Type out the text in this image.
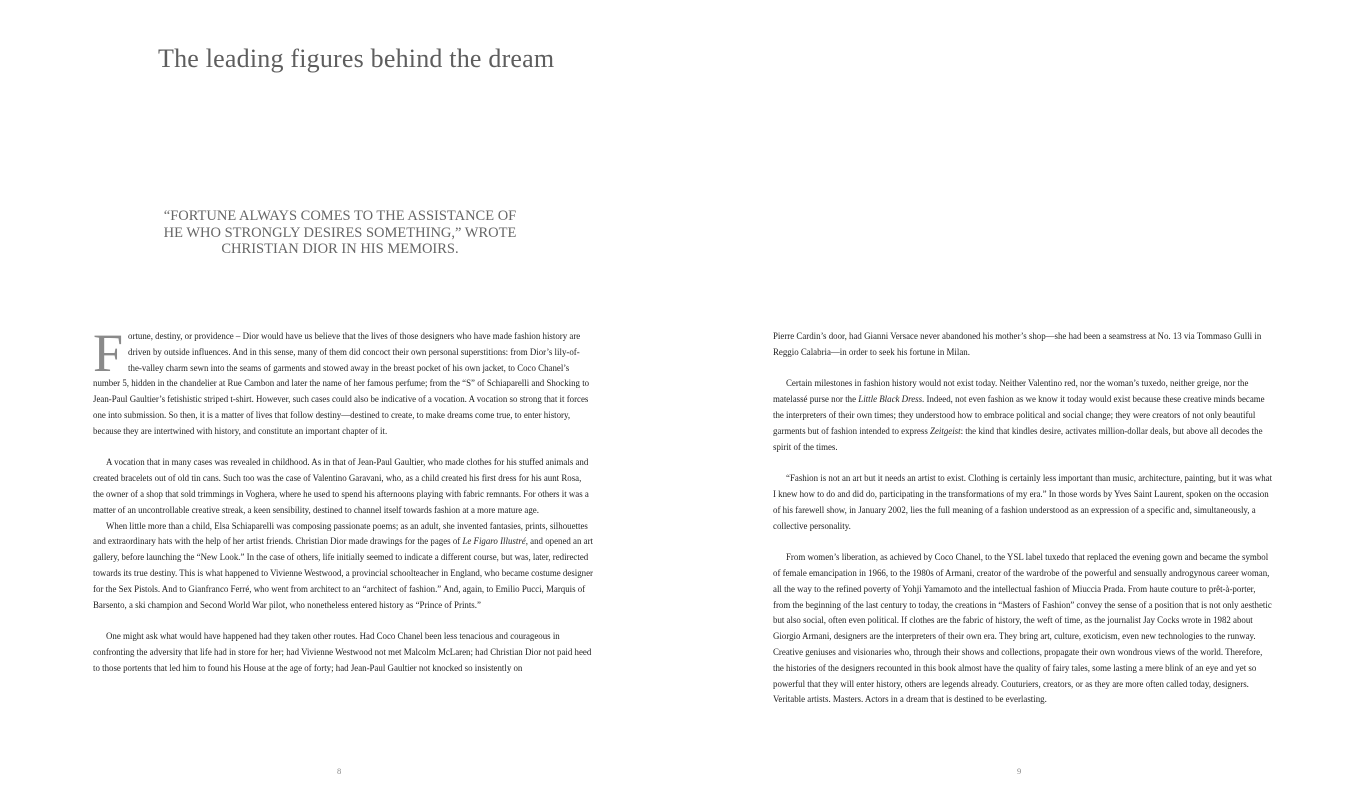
The leading figures behind the dream

“FORTUNE ALWAYS COMES TO THE ASSISTANCE OF HE WHO STRONGLY DESIRES SOMETHING,” WROTE CHRISTIAN DIOR IN HIS MEMOIRS.

Fortune, destiny, or providence – Dior would have us believe that the lives of those designers who have made fashion history are driven by outside influences. And in this sense, many of them did concoct their own personal superstitions: from Dior’s lily-of-the-valley charm sewn into the seams of garments and stowed away in the breast pocket of his own jacket, to Coco Chanel’s number 5, hidden in the chandelier at Rue Cambon and later the name of her famous perfume; from the “S” of Schiaparelli and Shocking to Jean-Paul Gaultier’s fetishistic striped t-shirt. However, such cases could also be indicative of a vocation. A vocation so strong that it forces one into submission. So then, it is a matter of lives that follow destiny—destined to create, to make dreams come true, to enter history, because they are intertwined with history, and constitute an important chapter of it.

A vocation that in many cases was revealed in childhood. As in that of Jean-Paul Gaultier, who made clothes for his stuffed animals and created bracelets out of old tin cans. Such too was the case of Valentino Garavani, who, as a child created his first dress for his aunt Rosa, the owner of a shop that sold trimmings in Voghera, where he used to spend his afternoons playing with fabric remnants. For others it was a matter of an uncontrollable creative streak, a keen sensibility, destined to channel itself towards fashion at a more mature age.

When little more than a child, Elsa Schiaparelli was composing passionate poems; as an adult, she invented fantasies, prints, silhouettes and extraordinary hats with the help of her artist friends. Christian Dior made drawings for the pages of Le Figaro Illustré, and opened an art gallery, before launching the “New Look.” In the case of others, life initially seemed to indicate a different course, but was, later, redirected towards its true destiny. This is what happened to Vivienne Westwood, a provincial schoolteacher in England, who became costume designer for the Sex Pistols. And to Gianfranco Ferré, who went from architect to an “architect of fashion.” And, again, to Emilio Pucci, Marquis of Barsento, a ski champion and Second World War pilot, who nonetheless entered history as “Prince of Prints.”

One might ask what would have happened had they taken other routes. Had Coco Chanel been less tenacious and courageous in confronting the adversity that life had in store for her; had Vivienne Westwood not met Malcolm McLaren; had Christian Dior not paid heed to those portents that led him to found his House at the age of forty; had Jean-Paul Gaultier not knocked so insistently on

8

Pierre Cardin’s door, had Gianni Versace never abandoned his mother’s shop—she had been a seamstress at No. 13 via Tommaso Gulli in Reggio Calabria—in order to seek his fortune in Milan.

Certain milestones in fashion history would not exist today. Neither Valentino red, nor the woman’s tuxedo, neither greige, nor the matelassé purse nor the Little Black Dress. Indeed, not even fashion as we know it today would exist because these creative minds became the interpreters of their own times; they understood how to embrace political and social change; they were creators of not only beautiful garments but of fashion intended to express Zeitgeist: the kind that kindles desire, activates million-dollar deals, but above all decodes the spirit of the times.

“Fashion is not an art but it needs an artist to exist. Clothing is certainly less important than music, architecture, painting, but it was what I knew how to do and did do, participating in the transformations of my era.” In those words by Yves Saint Laurent, spoken on the occasion of his farewell show, in January 2002, lies the full meaning of a fashion understood as an expression of a specific and, simultaneously, a collective personality.

From women’s liberation, as achieved by Coco Chanel, to the YSL label tuxedo that replaced the evening gown and became the symbol of female emancipation in 1966, to the 1980s of Armani, creator of the wardrobe of the powerful and sensually androgynous career woman, all the way to the refined poverty of Yohji Yamamoto and the intellectual fashion of Miuccia Prada. From haute couture to prêt-à-porter, from the beginning of the last century to today, the creations in “Masters of Fashion” convey the sense of a position that is not only aesthetic but also social, often even political. If clothes are the fabric of history, the weft of time, as the journalist Jay Cocks wrote in 1982 about Giorgio Armani, designers are the interpreters of their own era. They bring art, culture, exoticism, even new technologies to the runway. Creative geniuses and visionaries who, through their shows and collections, propagate their own wondrous views of the world. Therefore, the histories of the designers recounted in this book almost have the quality of fairy tales, some lasting a mere blink of an eye and yet so powerful that they will enter history, others are legends already. Couturiers, creators, or as they are more often called today, designers. Veritable artists. Masters. Actors in a dream that is destined to be everlasting.

9
